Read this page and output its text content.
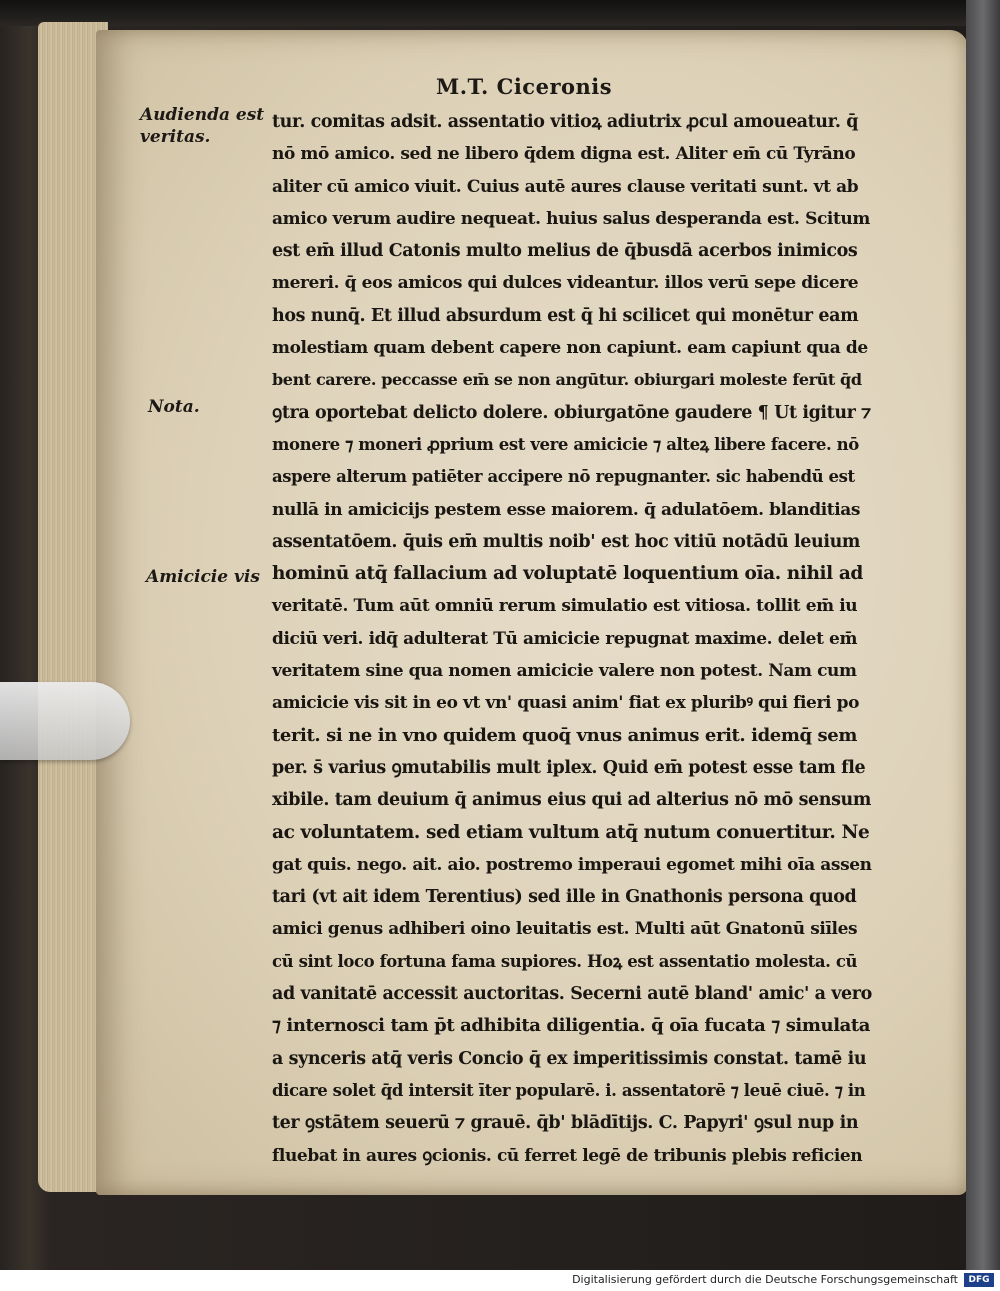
M.T. Ciceronis
Audienda est
veritas.
Nota.
Amicicie vis
tur. comitas adsit. assentatio vitioꝝ adiutrix ꝓcul amoueatur. q̄
nō mō amico. sed ne libero q̄dem digna est. Aliter em̄ cū Tyrāno
aliter cū amico viuit. Cuius autē aures clause veritati sunt. vt ab
amico verum audire nequeat. huius salus desperanda est. Scitum
est em̄ illud Catonis multo melius de q̄busdā acerbos inimicos
mereri. q̄ eos amicos qui dulces videantur. illos verū sepe dicere
hos nunq̄. Et illud absurdum est q̄ hi scilicet qui monētur eam
molestiam quam debent capere non capiunt. eam capiunt qua de
bent carere. peccasse em̄ se non angūtur. obiurgari moleste ferūt q̄d
ꝯtra oportebat delicto dolere. obiurgatōne gaudere ¶ Ut igitur ⁊
monere ⁊ moneri ꝓprium est vere amicicie ⁊ alteꝝ libere facere. nō
aspere alterum patiēter accipere nō repugnanter. sic habendū est
nullā in amicicijs pestem esse maiorem. q̄ adulatōem. blanditias
assentatōem. q̄uis em̄ multis noib' est hoc vitiū notādū leuium
hominū atq̄ fallacium ad voluptatē loquentium oīa. nihil ad
veritatē. Tum aūt omniū rerum simulatio est vitiosa. tollit em̄ iu
diciū veri. idq̄ adulterat Tū amicicie repugnat maxime. delet em̄
veritatem sine qua nomen amicicie valere non potest. Nam cum
amicicie vis sit in eo vt vn' quasi anim' fiat ex pluribꝰ qui fieri po
terit. si ne in vno quidem quoq̄ vnus animus erit. idemq̄ sem
per. s̄ varius ꝯmutabilis mult iplex. Quid em̄ potest esse tam fle
xibile. tam deuium q̄ animus eius qui ad alterius nō mō sensum
ac voluntatem. sed etiam vultum atq̄ nutum conuertitur. Ne
gat quis. nego. ait. aio. postremo imperaui egomet mihi oīa assen
tari (vt ait idem Terentius) sed ille in Gnathonis persona quod
amici genus adhiberi oino leuitatis est. Multi aūt Gnatonū siīles
cū sint loco fortuna fama supiores. Hoꝝ est assentatio molesta. cū
ad vanitatē accessit auctoritas. Secerni autē bland' amic' a vero
⁊ internosci tam p̄t adhibita diligentia. q̄ oīa fucata ⁊ simulata
a synceris atq̄ veris Concio q̄ ex imperitissimis constat. tamē iu
dicare solet q̄d intersit īter popularē. i. assentatorē ⁊ leuē ciuē. ⁊ in
ter ꝯstātem seuerū ⁊ grauē. q̄b' blādītijs. C. Papyri' ꝯsul nup in
fluebat in aures ꝯcionis. cū ferret legē de tribunis plebis reficien
Digitalisierung gefördert durch die Deutsche Forschungsgemeinschaft	DFG
